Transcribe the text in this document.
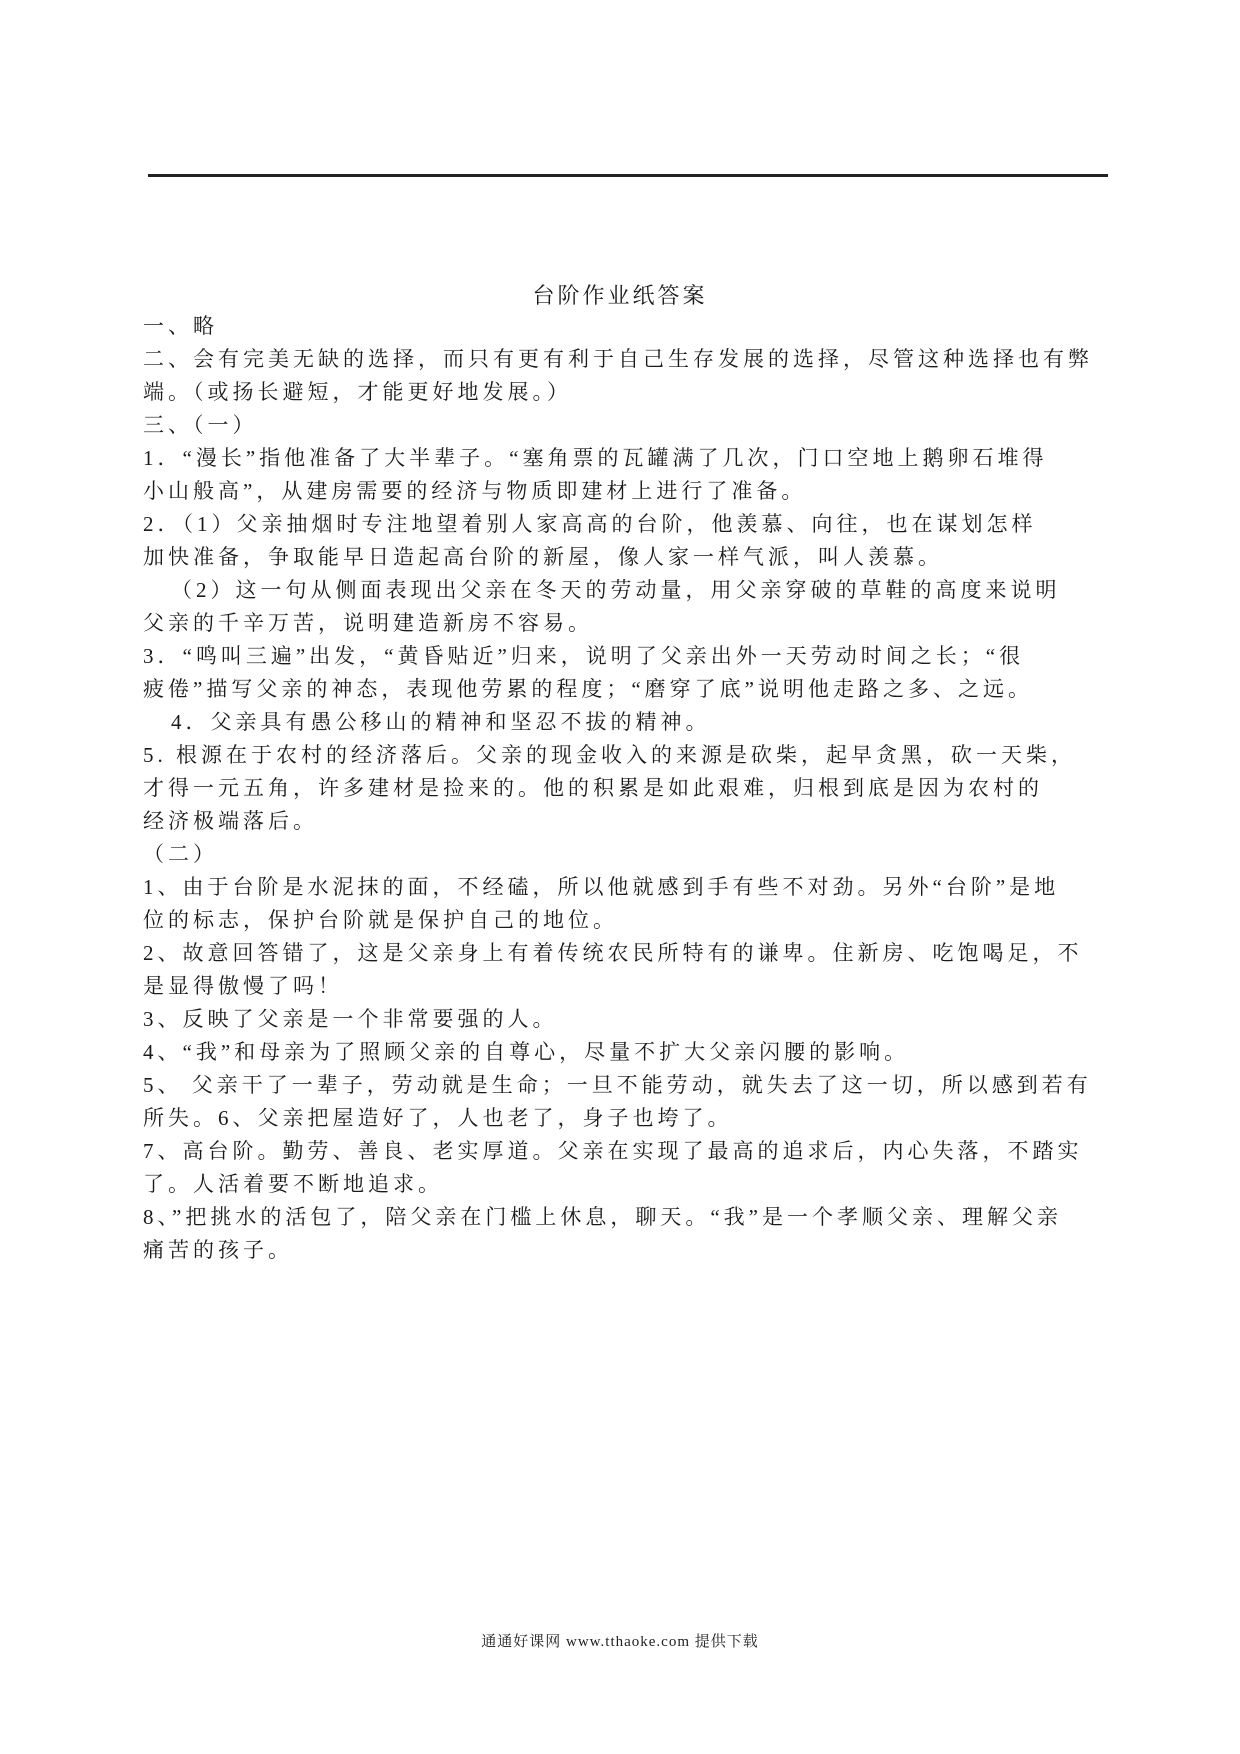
台阶作业纸答案
一、略
二、会有完美无缺的选择，而只有更有利于自己生存发展的选择，尽管这种选择也有弊
端。（或扬长避短，才能更好地发展。）
三、（一）
1．“漫长”指他准备了大半辈子。“塞角票的瓦罐满了几次，门口空地上鹅卵石堆得
小山般高”，从建房需要的经济与物质即建材上进行了准备。
2．（1）父亲抽烟时专注地望着别人家高高的台阶，他羡慕、向往，也在谋划怎样
加快准备，争取能早日造起高台阶的新屋，像人家一样气派，叫人羡慕。
（2）这一句从侧面表现出父亲在冬天的劳动量，用父亲穿破的草鞋的高度来说明
父亲的千辛万苦，说明建造新房不容易。
3．“鸣叫三遍”出发，“黄昏贴近”归来，说明了父亲出外一天劳动时间之长；“很
疲倦”描写父亲的神态，表现他劳累的程度；“磨穿了底”说明他走路之多、之远。
4．父亲具有愚公移山的精神和坚忍不拔的精神。
5. 根源在于农村的经济落后。父亲的现金收入的来源是砍柴，起早贪黑，砍一天柴，
才得一元五角，许多建材是捡来的。他的积累是如此艰难，归根到底是因为农村的
经济极端落后。
（二）
1、由于台阶是水泥抹的面，不经磕，所以他就感到手有些不对劲。另外“台阶”是地
位的标志，保护台阶就是保护自己的地位。
2、故意回答错了，这是父亲身上有着传统农民所特有的谦卑。住新房、吃饱喝足，不
是显得傲慢了吗！
3、反映了父亲是一个非常要强的人。
4、“我”和母亲为了照顾父亲的自尊心，尽量不扩大父亲闪腰的影响。
5、 父亲干了一辈子，劳动就是生命；一旦不能劳动，就失去了这一切，所以感到若有
所失。6、父亲把屋造好了，人也老了，身子也垮了。
7、高台阶。勤劳、善良、老实厚道。父亲在实现了最高的追求后，内心失落，不踏实
了。人活着要不断地追求。
8、”把挑水的活包了，陪父亲在门槛上休息，聊天。“我”是一个孝顺父亲、理解父亲
痛苦的孩子。
通通好课网 www.tthaoke.com 提供下载
